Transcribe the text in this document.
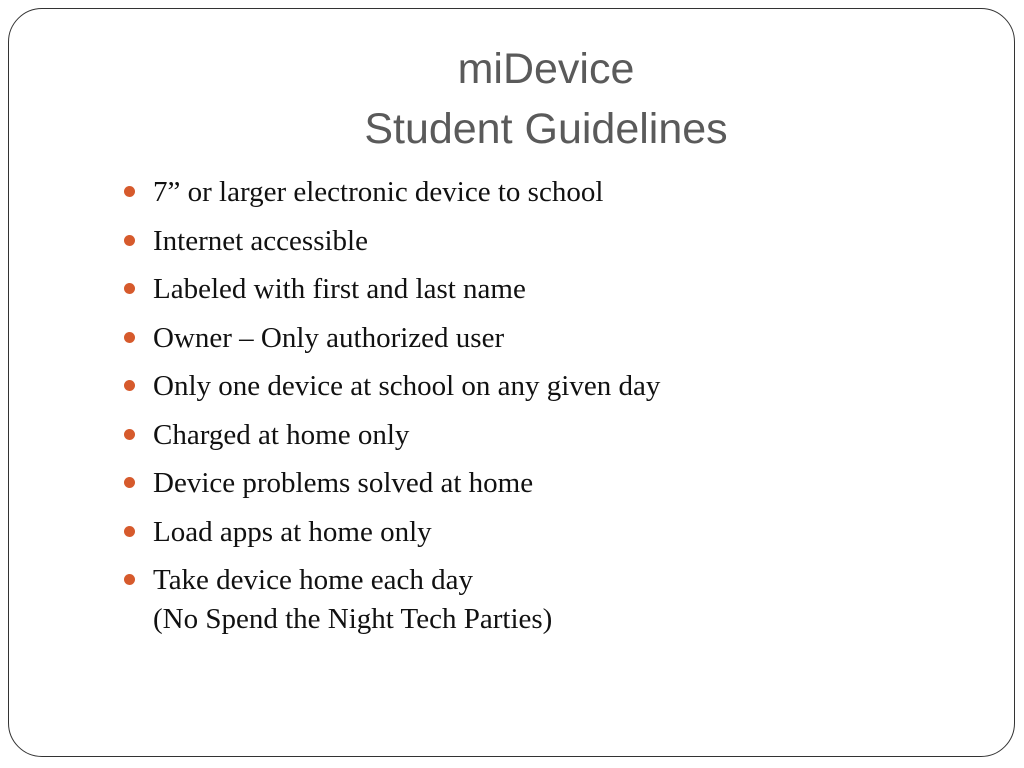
miDevice
Student Guidelines
7” or larger electronic device to school
Internet accessible
Labeled with first and last name
Owner – Only authorized user
Only one device at school on any given day
Charged at home only
Device problems solved at home
Load apps at home only
Take device home each day
(No Spend the Night Tech Parties)
